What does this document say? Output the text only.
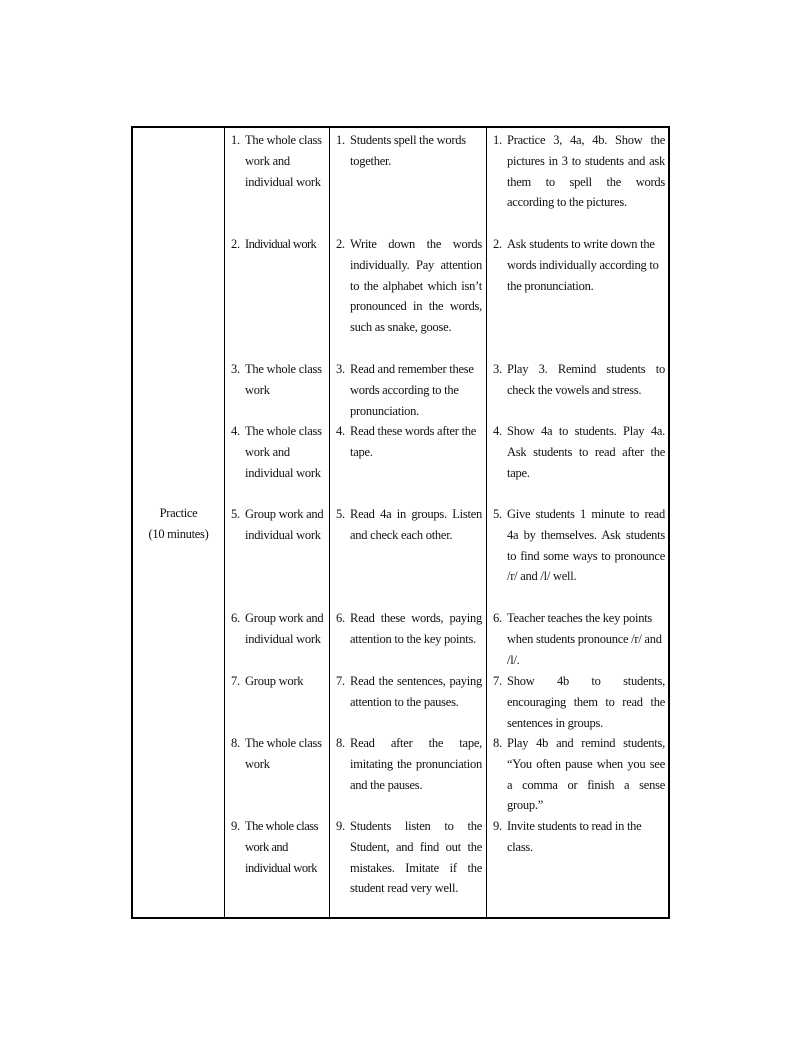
Practice
(10 minutes)
1. The whole class work and individual work
1. Students spell the words together.
1. Practice 3, 4a, 4b. Show the pictures in 3 to students and ask them to spell the words according to the pictures.
2. Individual work	2. Write down the words individually. Pay attention to the alphabet which isn’t pronounced in the words, such as snake, goose.
2. Ask students to write down the words individually according to the pronunciation.
3. The whole class work
3. Read and remember these words according to the pronunciation.
3. Play 3. Remind students to check the vowels and stress.
4. The whole class work and individual work
4. Read these words after the tape.
4. Show 4a to students. Play 4a. Ask students to read after the tape.
5. Group work and individual work
5. Read 4a in groups. Listen and check each other.
5. Give students 1 minute to read 4a by themselves. Ask students to find some ways to pronounce /r/ and /l/ well.
6. Group work and individual work
6. Read these words, paying attention to the key points.
6. Teacher teaches the key points when students pronounce /r/ and /l/.
7. Group work	7. Read the sentences, paying attention to the pauses.
7. Show 4b to students, encouraging them to read the sentences in groups.
8. The whole class work
8. Read after the tape, imitating the pronunciation and the pauses.
8. Play 4b and remind students, “You often pause when you see a comma or finish a sense group.”
9. The whole class work and individual work
9. Students listen to the Student, and find out the mistakes. Imitate if the student read very well.
9. Invite students to read in the class.
